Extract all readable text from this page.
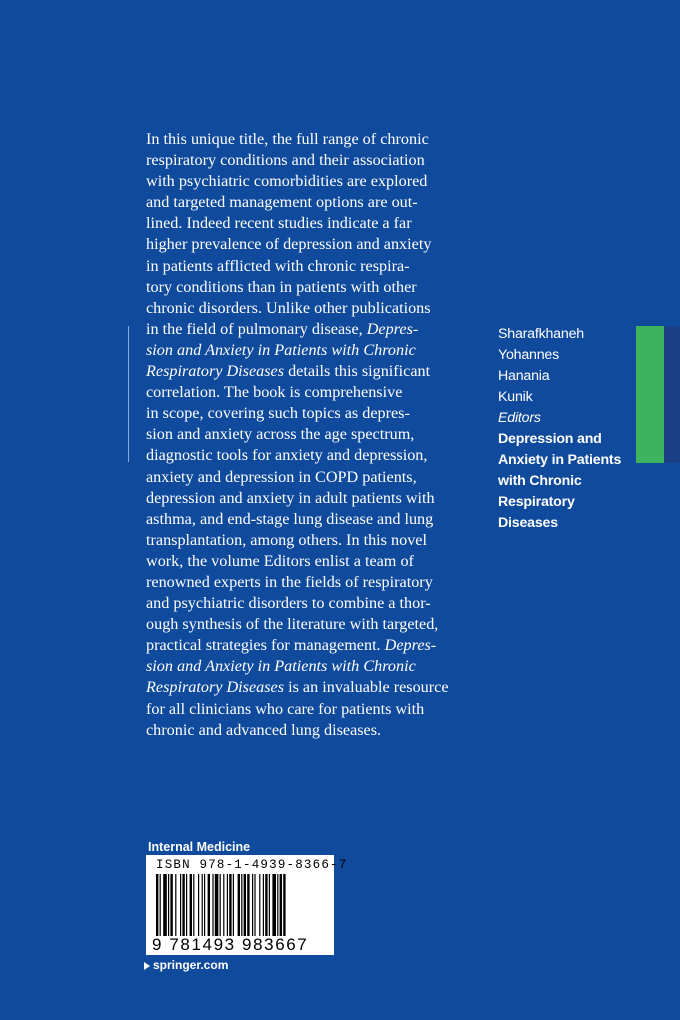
In this unique title, the full range of chronic

respiratory conditions and their association

with psychiatric comorbidities are explored

and targeted management options are out-

lined. Indeed recent studies indicate a far

higher prevalence of depression and anxiety

in patients afflicted with chronic respira-

tory conditions than in patients with other

chronic disorders. Unlike other publications

in the field of pulmonary disease, Depres-

sion and Anxiety in Patients with Chronic

Respiratory Diseases details this significant

correlation. The book is comprehensive

in scope, covering such topics as depres-

sion and anxiety across the age spectrum,

diagnostic tools for anxiety and depression,

anxiety and depression in COPD patients,

depression and anxiety in adult patients with

asthma, and end-stage lung disease and lung

transplantation, among others. In this novel

work, the volume Editors enlist a team of

renowned experts in the fields of respiratory

and psychiatric disorders to combine a thor-

ough synthesis of the literature with targeted,

practical strategies for management. Depres-

sion and Anxiety in Patients with Chronic

Respiratory Diseases is an invaluable resource

for all clinicians who care for patients with

chronic and advanced lung diseases.

Sharafkhaneh
Yohannes
Hanania
Kunik
Editors
Depression and
Anxiety in Patients
with Chronic
Respiratory
Diseases
Internal Medicine
ISBN 978-1-4939-8366-7
9 781493 983667
springer.com
